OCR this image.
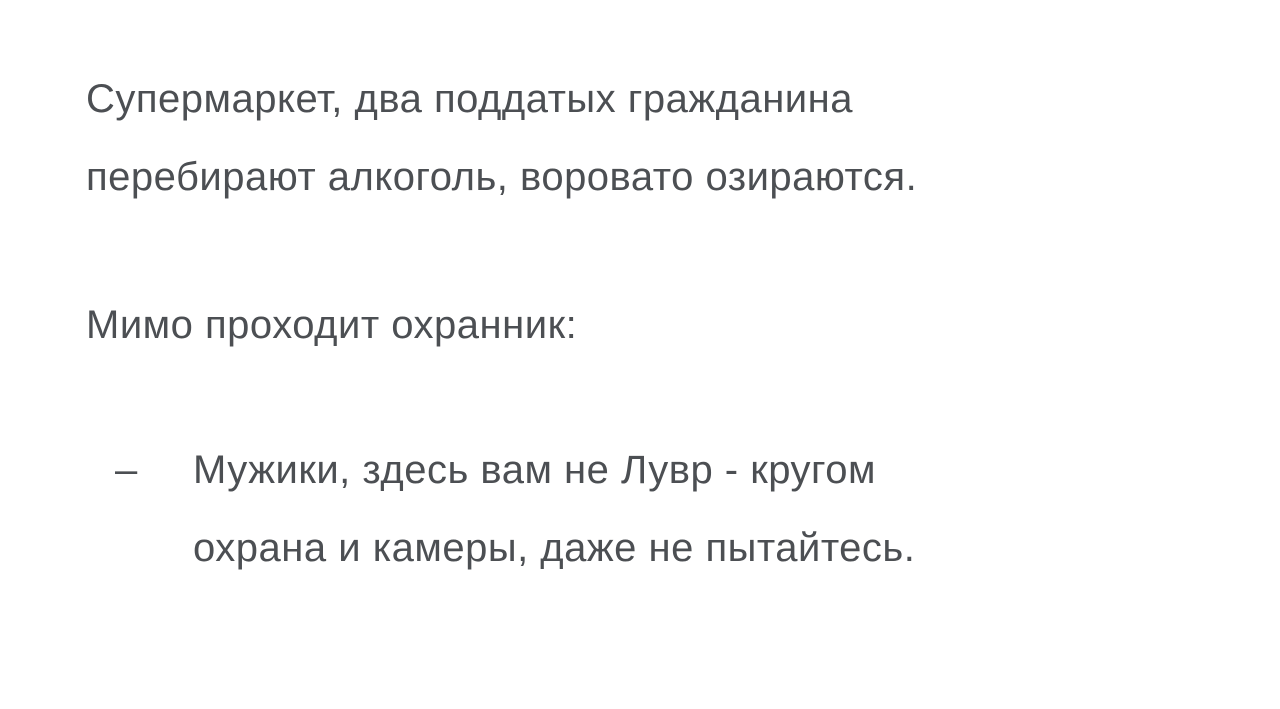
Супермаркет, два поддатых гражданина
перебирают алкоголь, воровато озираются.
Мимо проходит охранник:
–	Мужики, здесь вам не Лувр - кругом
охрана и камеры, даже не пытайтесь.
